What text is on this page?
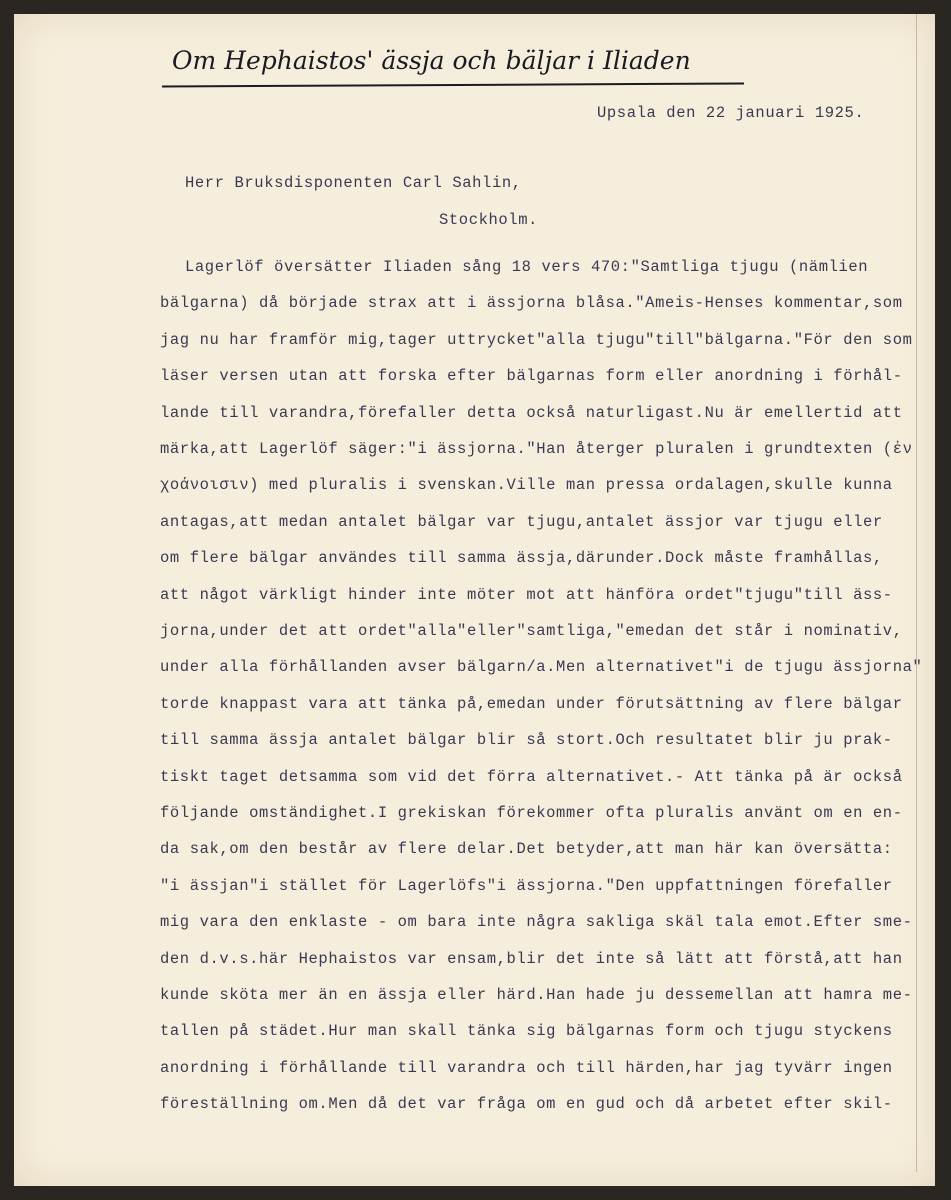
Om Hephaistos' ässja och bäljar i Iliaden
Upsala den 22 januari 1925.
Herr Bruksdisponenten Carl Sahlin,
Stockholm.
Lagerlöf översätter Iliaden sång 18 vers 470:"Samtliga tjugu (nämlien
bälgarna) då började strax att i ässjorna blåsa."Ameis-Henses kommentar,som
jag nu har framför mig,tager uttrycket"alla tjugu"till"bälgarna."För den som
läser versen utan att forska efter bälgarnas form eller anordning i förhål-
lande till varandra,förefaller detta också naturligast.Nu är emellertid att
märka,att Lagerlöf säger:"i ässjorna."Han återger pluralen i grundtexten (ἐν
χοάνοισιν) med pluralis i svenskan.Ville man pressa ordalagen,skulle kunna
antagas,att medan antalet bälgar var tjugu,antalet ässjor var tjugu eller
om flere bälgar användes till samma ässja,därunder.Dock måste framhållas,
att något värkligt hinder inte möter mot att hänföra ordet"tjugu"till äss-
jorna,under det att ordet"alla"eller"samtliga,"emedan det står i nominativ,
under alla förhållanden avser bälgarn/a.Men alternativet"i de tjugu ässjorna"
torde knappast vara att tänka på,emedan under förutsättning av flere bälgar
till samma ässja antalet bälgar blir så stort.Och resultatet blir ju prak-
tiskt taget detsamma som vid det förra alternativet.- Att tänka på är också
följande omständighet.I grekiskan förekommer ofta pluralis använt om en en-
da sak,om den består av flere delar.Det betyder,att man här kan översätta:
"i ässjan"i stället för Lagerlöfs"i ässjorna."Den uppfattningen förefaller
mig vara den enklaste - om bara inte några sakliga skäl tala emot.Efter sme-
den d.v.s.här Hephaistos var ensam,blir det inte så lätt att förstå,att han
kunde sköta mer än en ässja eller härd.Han hade ju dessemellan att hamra me-
tallen på städet.Hur man skall tänka sig bälgarnas form och tjugu styckens
anordning i förhållande till varandra och till härden,har jag tyvärr ingen
föreställning om.Men då det var fråga om en gud och då arbetet efter skil-
